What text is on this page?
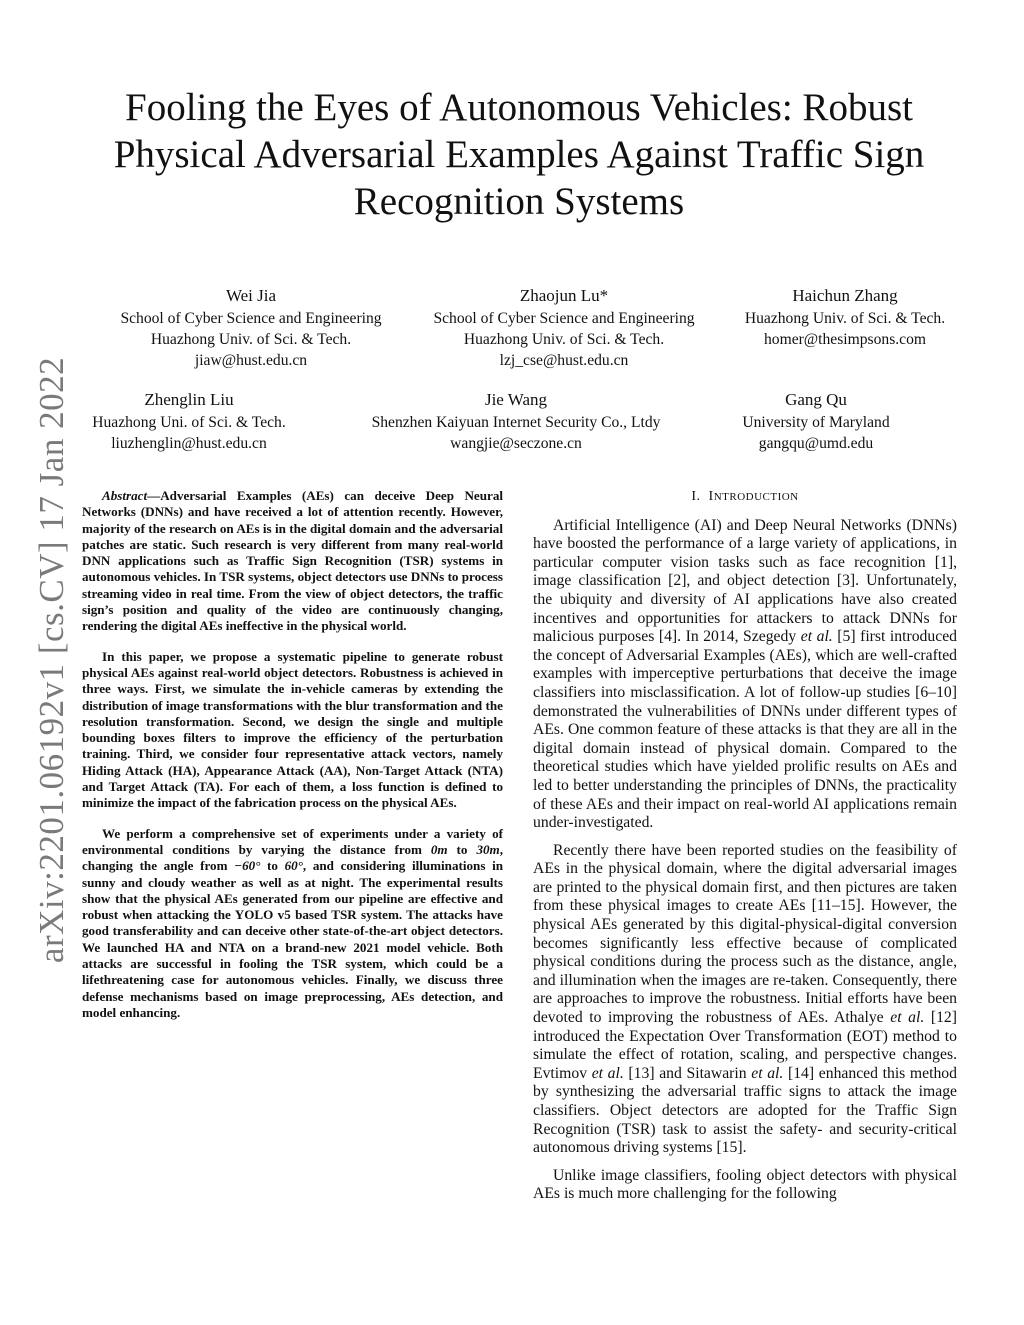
arXiv:2201.06192v1 [cs.CV] 17 Jan 2022
Fooling the Eyes of Autonomous Vehicles: Robust Physical Adversarial Examples Against Traffic Sign Recognition Systems
Wei Jia
School of Cyber Science and Engineering
Huazhong Univ. of Sci. & Tech.
jiaw@hust.edu.cn
Zhaojun Lu*
School of Cyber Science and Engineering
Huazhong Univ. of Sci. & Tech.
lzj_cse@hust.edu.cn
Haichun Zhang
Huazhong Univ. of Sci. & Tech.
homer@thesimpsons.com
Zhenglin Liu
Huazhong Uni. of Sci. & Tech.
liuzhenglin@hust.edu.cn
Jie Wang
Shenzhen Kaiyuan Internet Security Co., Ltdy
wangjie@seczone.cn
Gang Qu
University of Maryland
gangqu@umd.edu

Abstract—Adversarial Examples (AEs) can deceive Deep Neural Networks (DNNs) and have received a lot of attention recently. However, majority of the research on AEs is in the digital domain and the adversarial patches are static. Such research is very different from many real-world DNN applications such as Traffic Sign Recognition (TSR) systems in autonomous vehicles. In TSR systems, object detectors use DNNs to process streaming video in real time. From the view of object detectors, the traffic sign’s position and quality of the video are continuously changing, rendering the digital AEs ineffective in the physical world.

In this paper, we propose a systematic pipeline to generate robust physical AEs against real-world object detectors. Robustness is achieved in three ways. First, we simulate the in-vehicle cameras by extending the distribution of image transformations with the blur transformation and the resolution transformation. Second, we design the single and multiple bounding boxes filters to improve the efficiency of the perturbation training. Third, we consider four representative attack vectors, namely Hiding Attack (HA), Appearance Attack (AA), Non-Target Attack (NTA) and Target Attack (TA). For each of them, a loss function is defined to minimize the impact of the fabrication process on the physical AEs.

We perform a comprehensive set of experiments under a variety of environmental conditions by varying the distance from 0m to 30m, changing the angle from −60° to 60°, and considering illuminations in sunny and cloudy weather as well as at night. The experimental results show that the physical AEs generated from our pipeline are effective and robust when attacking the YOLO v5 based TSR system. The attacks have good transferability and can deceive other state-of-the-art object detectors. We launched HA and NTA on a brand-new 2021 model vehicle. Both attacks are successful in fooling the TSR system, which could be a lifethreatening case for autonomous vehicles. Finally, we discuss three defense mechanisms based on image preprocessing, AEs detection, and model enhancing.

I. INTRODUCTION

Artificial Intelligence (AI) and Deep Neural Networks (DNNs) have boosted the performance of a large variety of applications, in particular computer vision tasks such as face recognition [1], image classification [2], and object detection [3]. Unfortunately, the ubiquity and diversity of AI applications have also created incentives and opportunities for attackers to attack DNNs for malicious purposes [4]. In 2014, Szegedy et al. [5] first introduced the concept of Adversarial Examples (AEs), which are well-crafted examples with imperceptive perturbations that deceive the image classifiers into misclassification. A lot of follow-up studies [6–10] demonstrated the vulnerabilities of DNNs under different types of AEs. One common feature of these attacks is that they are all in the digital domain instead of physical domain. Compared to the theoretical studies which have yielded prolific results on AEs and led to better understanding the principles of DNNs, the practicality of these AEs and their impact on real-world AI applications remain under-investigated.

Recently there have been reported studies on the feasibility of AEs in the physical domain, where the digital adversarial images are printed to the physical domain first, and then pictures are taken from these physical images to create AEs [11–15]. However, the physical AEs generated by this digital-physical-digital conversion becomes significantly less effective because of complicated physical conditions during the process such as the distance, angle, and illumination when the images are re-taken. Consequently, there are approaches to improve the robustness. Initial efforts have been devoted to improving the robustness of AEs. Athalye et al. [12] introduced the Expectation Over Transformation (EOT) method to simulate the effect of rotation, scaling, and perspective changes. Evtimov et al. [13] and Sitawarin et al. [14] enhanced this method by synthesizing the adversarial traffic signs to attack the image classifiers. Object detectors are adopted for the Traffic Sign Recognition (TSR) task to assist the safety- and security-critical autonomous driving systems [15].

Unlike image classifiers, fooling object detectors with physical AEs is much more challenging for the following
